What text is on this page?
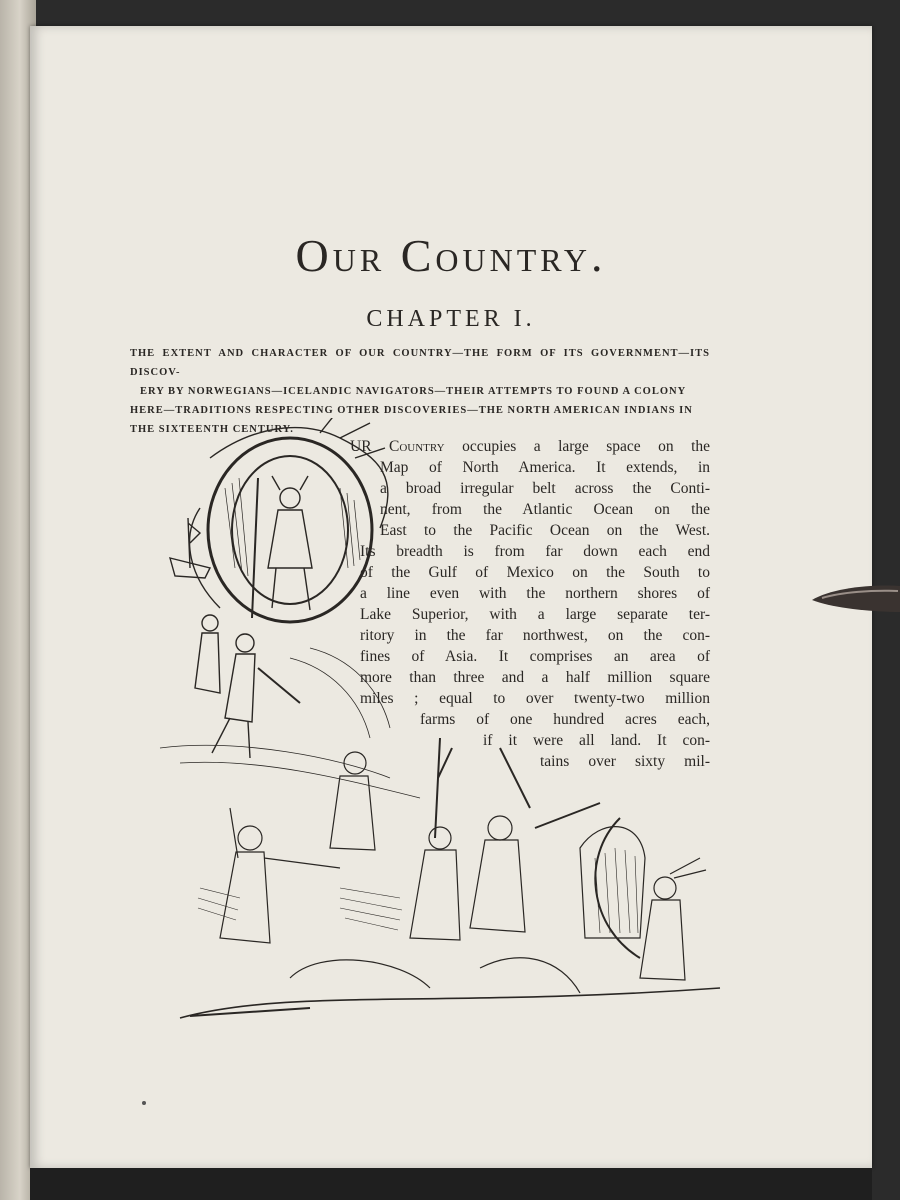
Our Country.
CHAPTER I.
THE EXTENT AND CHARACTER OF OUR COUNTRY—THE FORM OF ITS GOVERNMENT—ITS DISCOV-
ERY BY NORWEGIANS—ICELANDIC NAVIGATORS—THEIR ATTEMPTS TO FOUND A COLONY
HERE—TRADITIONS RESPECTING OTHER DISCOVERIES—THE NORTH AMERICAN INDIANS IN
THE SIXTEENTH CENTURY.
UR Country occupies a large space on the
Map of North America. It extends, in
a broad irregular belt across the Conti-
nent, from the Atlantic Ocean on the
East to the Pacific Ocean on the West.
Its breadth is from far down each end
of the Gulf of Mexico on the South to
a line even with the northern shores of
Lake Superior, with a large separate ter-
ritory in the far northwest, on the con-
fines of Asia. It comprises an area of
more than three and a half million square
miles ; equal to over twenty-two million
farms of one hundred acres each,
if it were all land. It con-
tains over sixty mil-
